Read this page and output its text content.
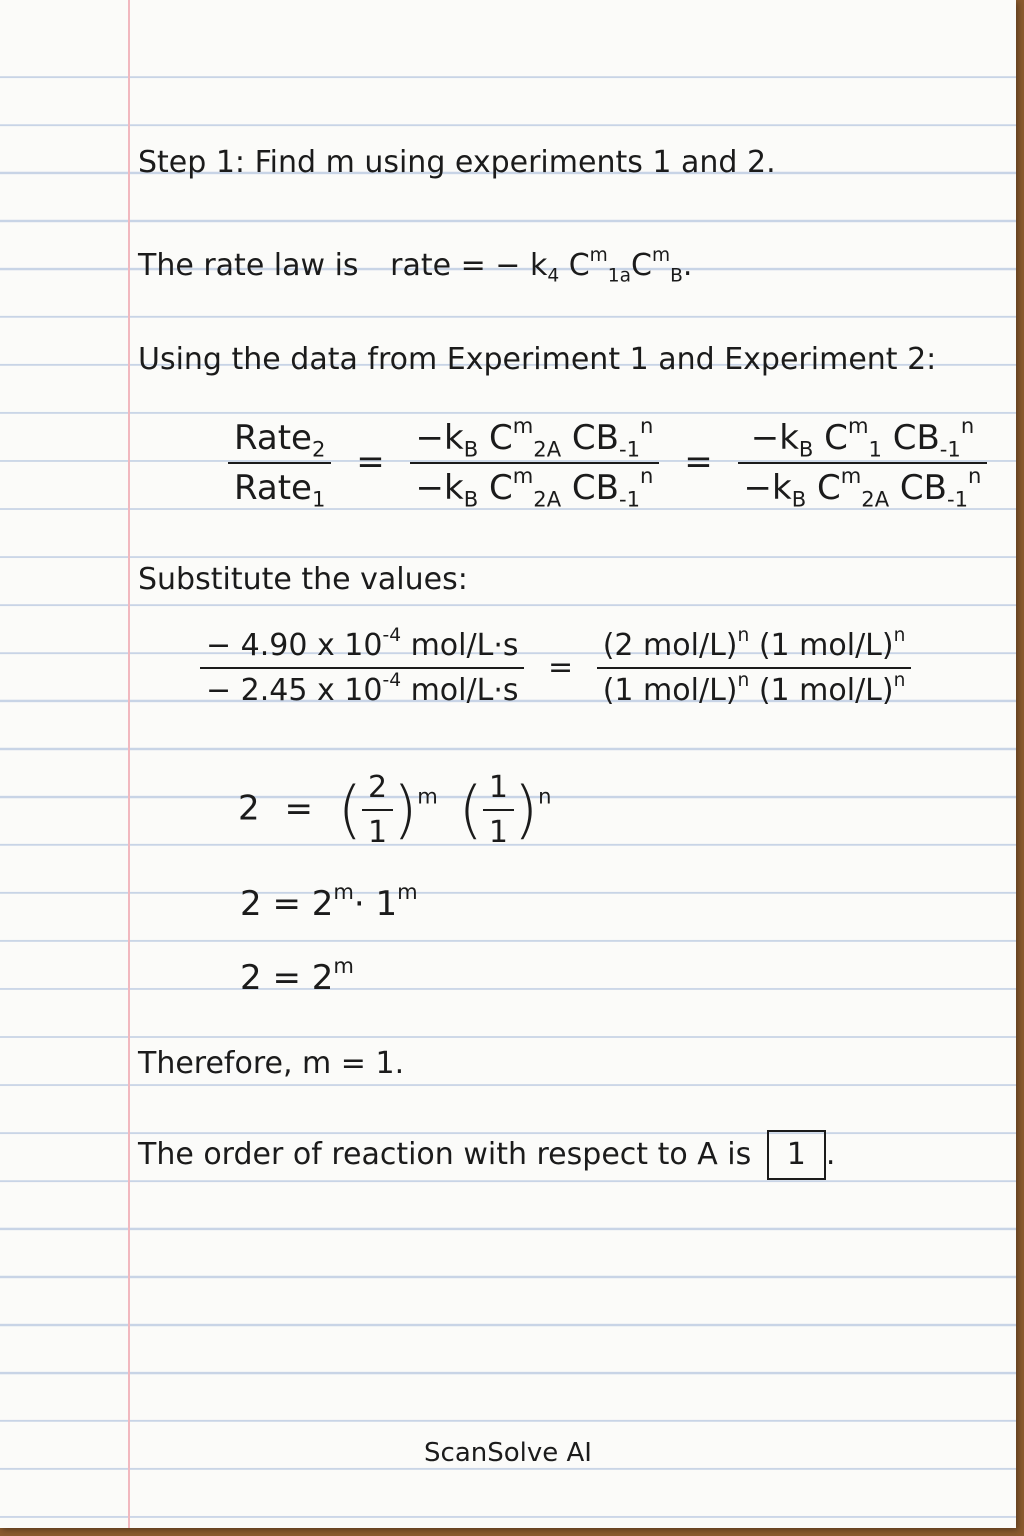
Step 1: Find m using experiments 1 and 2.
The rate law is rate = − $k_4$ $C^m_{1a}C^m_B$.
Using the data from Experiment 1 and Experiment 2:
$\frac{Rate_2}{Rate_1} = \frac{-k_B C^m_{2A} CB_{-1}^n}{-k_B C^m_{2A} CB_{-1}^n} = \frac{-k_B C^m_1 CB_{-1}^n}{-k_B C^m_{2A} CB_{-1}^n}$
Substitute the values:
$\frac{- 4.90 x 10^{-4} mol/L\cdot s}{- 2.45 x 10^{-4} mol/L\cdot s} = \frac{(2 mol/L)^n (1 mol/L)^n}{(1 mol/L)^n (1 mol/L)^n}$
2 = ( $\frac{2}{1} )^m$ ( $\frac{1}{1} )^n$
$2 = 2^m\cdot 1^m$
$2 = 2^m$
Therefore, m = 1.
The order of reaction with respect to A is 1 .
ScanSolve AI
